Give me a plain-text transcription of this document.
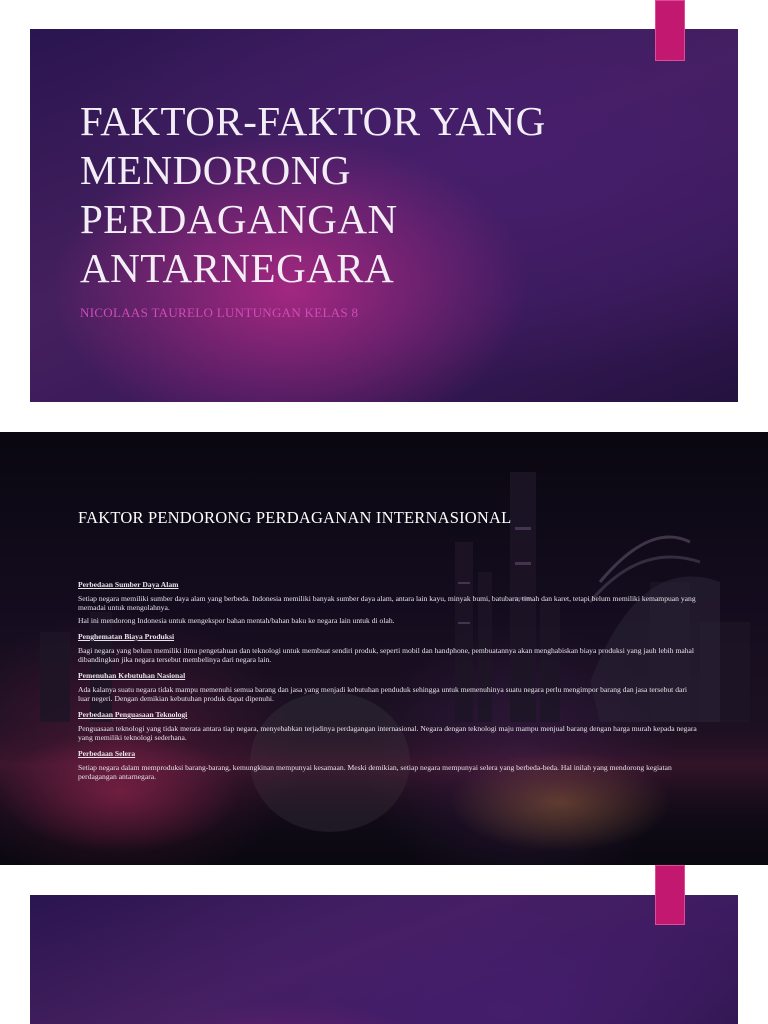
FAKTOR-FAKTOR YANG
MENDORONG
PERDAGANGAN
ANTARNEGARA
NICOLAAS TAURELO LUNTUNGAN KELAS 8
FAKTOR PENDORONG PERDAGANAN INTERNASIONAL
Perbedaan Sumber Daya Alam
Setiap negara memiliki sumber daya alam yang berbeda. Indonesia memiliki banyak sumber daya alam, antara lain kayu, minyak bumi, batubara, timah dan karet, tetapi belum memiliki kemampuan yang memadai untuk mengolahnya.
Hal ini mendorong Indonesia untuk mengekspor bahan mentah/bahan baku ke negara lain untuk di olah.
Penghematan Biaya Produksi
Bagi negara yang belum memiliki ilmu pengetahuan dan teknologi untuk membuat sendiri produk, seperti mobil dan handphone, pembuatannya akan menghabiskan biaya produksi yang jauh lebih mahal dibandingkan jika negara tersebut membelinya dari negara lain.
Pemenuhan Kebutuhan Nasional
Ada kalanya suatu negara tidak mampu memenuhi semua barang dan jasa yang menjadi kebutuhan penduduk sehingga untuk memenuhinya suatu negara perlu mengimpor barang dan jasa tersebut dari luar negeri. Dengan demikian kebutuhan produk dapat dipenuhi.
Perbedaan Penguasaan Teknologi
Penguasaan teknologi yang tidak merata antara tiap negara, menyebabkan terjadinya perdagangan internasional. Negara dengan teknologi maju mampu menjual barang dengan harga murah kepada negara yang memiliki teknologi sederhana.
Perbedaan Selera
Setiap negara dalam memproduksi barang-barang, kemungkinan mempunyai kesamaan. Meski demikian, setiap negara mempunyai selera yang berbeda-beda. Hal inilah yang mendorong kegiatan perdagangan antarnegara.
